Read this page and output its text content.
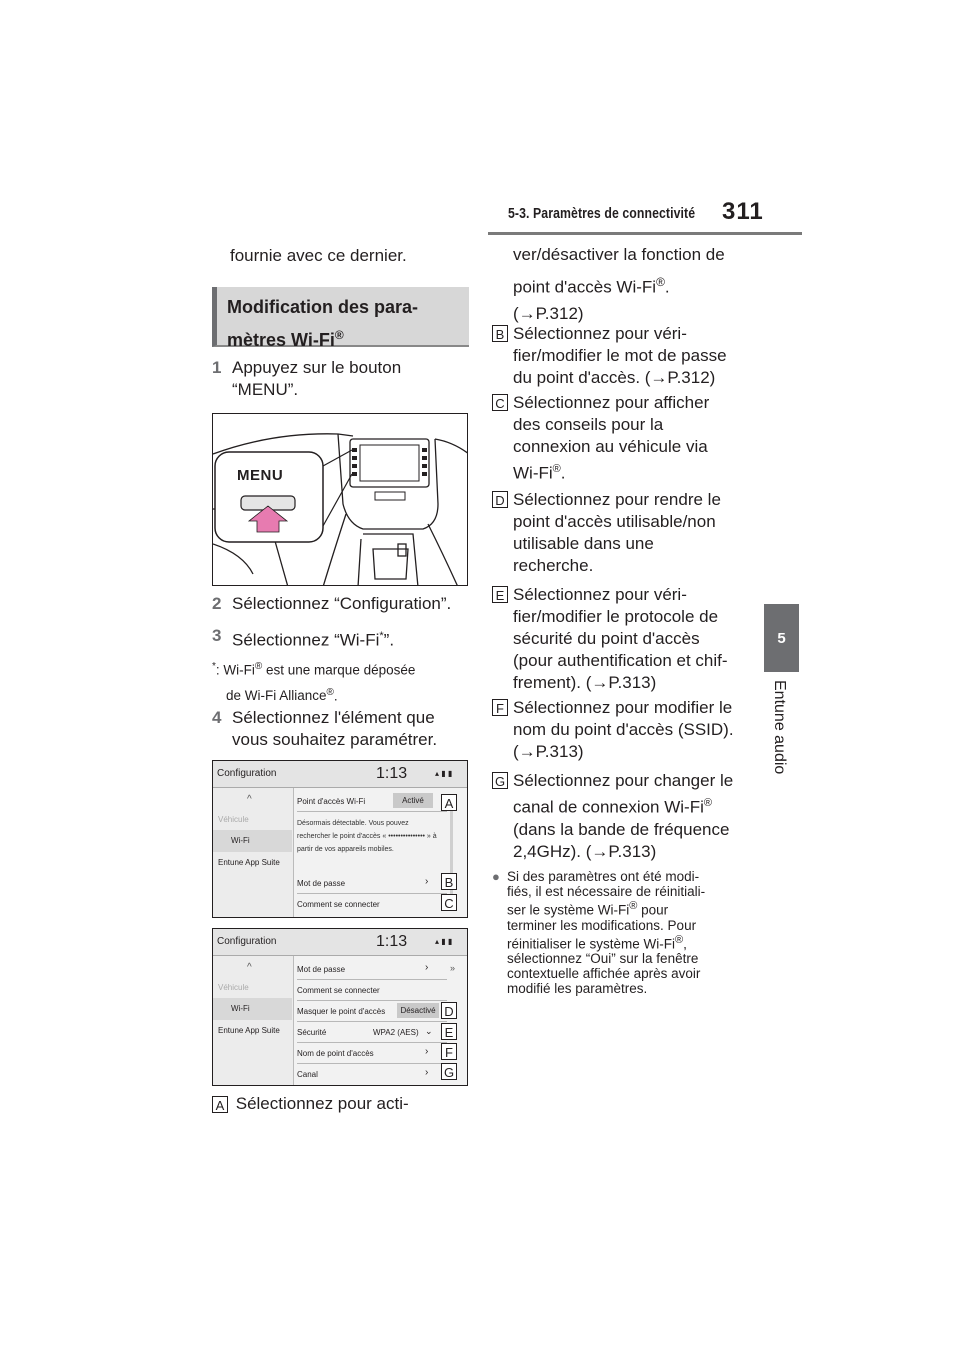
5-3. Paramètres de connectivité 311
5
Entune audio
fournie avec ce dernier.
Modification des para-
mètres Wi-Fi®
1 Appuyez sur le bouton
“MENU”.
MENU
2 Sélectionnez “Configuration”.
3 Sélectionnez “Wi-Fi*”.
*: Wi-Fi® est une marque déposée
de Wi-Fi Alliance®.
4 Sélectionnez l'élément que
vous souhaitez paramétrer.
Configuration	1:13	▴ ▮ ▮
^
Véhicule
Wi-Fi
Entune App Suite
Point d'accès Wi-Fi	Activé
Désormais détectable. Vous pouvez rechercher le point d'accès « ••••••••••••••• » à partir de vos appareils mobiles.
Mot de passe	›
Comment se connecter
A
B
C
Configuration	1:13	▴ ▮ ▮
^
Véhicule
Wi-Fi
Entune App Suite
Mot de passe	›
Comment se connecter
Masquer le point d'accès	Désactivé
Sécurité	WPA2 (AES) ⌄
Nom de point d'accès	›
Canal	›
»
D
E
F
G
A Sélectionnez pour acti-
ver/désactiver la fonction de
point d'accès Wi-Fi®.
(→P.312)
B Sélectionnez pour véri-
fier/modifier le mot de passe
du point d'accès. (→P.312)
C Sélectionnez pour afficher
des conseils pour la
connexion au véhicule via
Wi-Fi®.
D Sélectionnez pour rendre le
point d'accès utilisable/non
utilisable dans une
recherche.
E Sélectionnez pour véri-
fier/modifier le protocole de
sécurité du point d'accès
(pour authentification et chif-
frement). (→P.313)
F Sélectionnez pour modifier le
nom du point d'accès (SSID).
(→P.313)
G Sélectionnez pour changer le
canal de connexion Wi-Fi®
(dans la bande de fréquence
2,4GHz). (→P.313)
● Si des paramètres ont été modi-
fiés, il est nécessaire de réinitiali-
ser le système Wi-Fi® pour
terminer les modifications. Pour
réinitialiser le système Wi-Fi®,
sélectionnez “Oui” sur la fenêtre
contextuelle affichée après avoir
modifié les paramètres.
